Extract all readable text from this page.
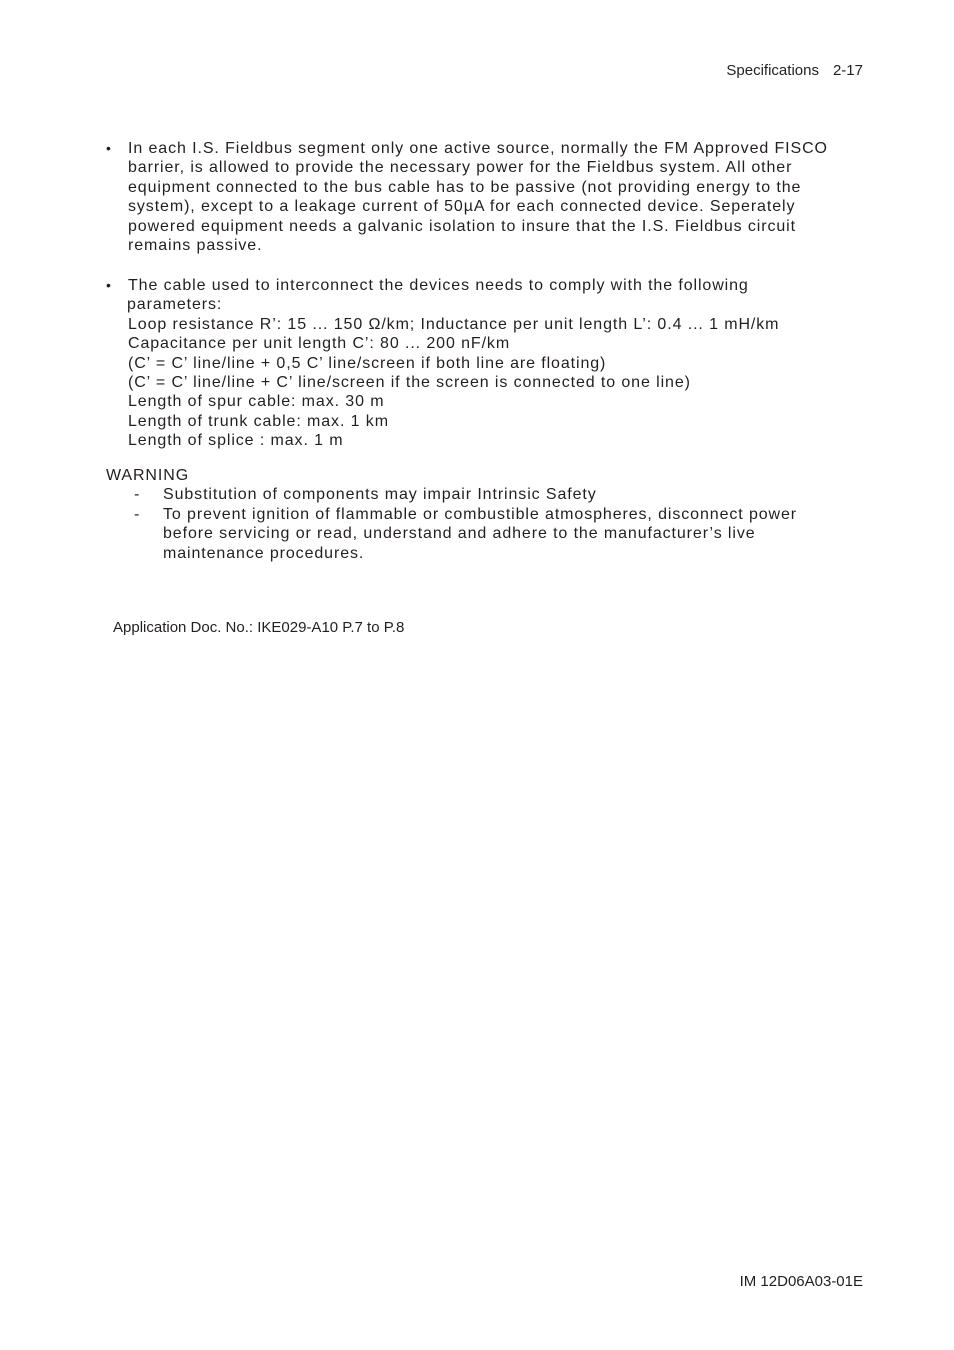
Specifications 2-17
• In each I.S. Fieldbus segment only one active source, normally the FM Approved FISCO
barrier, is allowed to provide the necessary power for the Fieldbus system. All other
equipment connected to the bus cable has to be passive (not providing energy to the
system), except to a leakage current of 50µA for each connected device. Seperately
powered equipment needs a galvanic isolation to insure that the I.S. Fieldbus circuit
remains passive.
• The cable used to interconnect the devices needs to comply with the following
parameters:
Loop resistance R’: 15 ... 150 Ω/km; Inductance per unit length L’: 0.4 ... 1 mH/km
Capacitance per unit length C’: 80 ... 200 nF/km
(C’ = C’ line/line + 0,5 C’ line/screen if both line are floating)
(C’ = C’ line/line + C’ line/screen if the screen is connected to one line)
Length of spur cable: max. 30 m
Length of trunk cable: max. 1 km
Length of splice : max. 1 m
WARNING
- Substitution of components may impair Intrinsic Safety
- To prevent ignition of flammable or combustible atmospheres, disconnect power
before servicing or read, understand and adhere to the manufacturer’s live
maintenance procedures.
Application Doc. No.: IKE029-A10 P.7 to P.8
IM 12D06A03-01E
